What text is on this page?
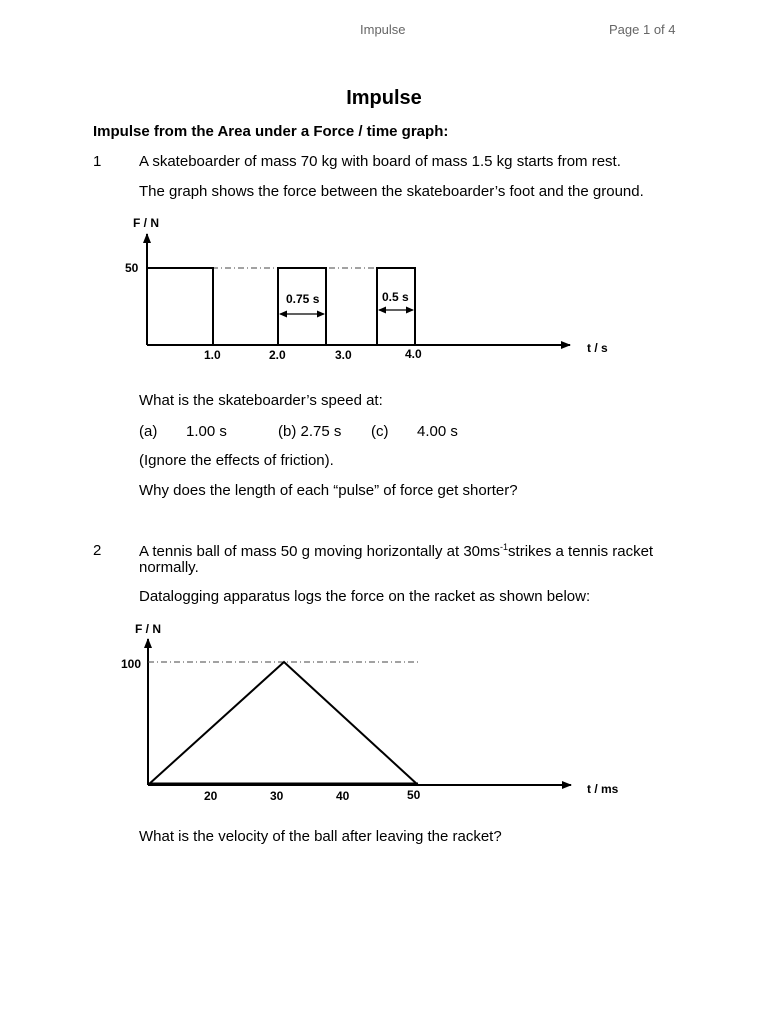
Impulse	Page 1 of 4
Impulse
Impulse from the Area under a Force / time graph:
1	A skateboarder of mass 70 kg with board of mass 1.5 kg starts from rest.
The graph shows the force between the skateboarder’s foot and the ground.
F / N
t / s
50
1.0	2.0	3.0	4.0
0.75 s	0.5 s
What is the skateboarder’s speed at:
(a) 1.00 s	(b) 2.75 s (c) 4.00 s
(Ignore the effects of friction).
Why does the length of each “pulse” of force get shorter?
2	A tennis ball of mass 50 g moving horizontally at $30ms^{-1}strikes$ a tennis racket
normally.
Datalogging apparatus logs the force on the racket as shown below:
F / N
t / ms
100
20	30	40	50
What is the velocity of the ball after leaving the racket?
